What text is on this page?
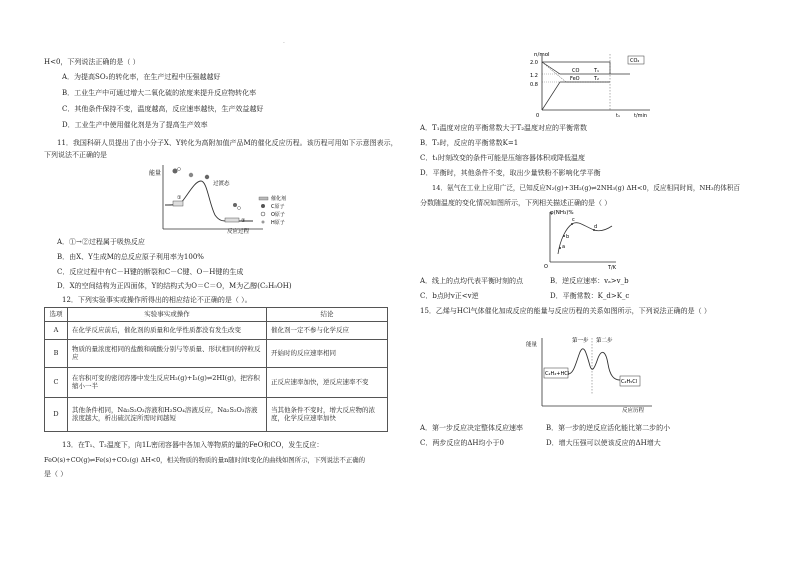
·
H<0，下列说法正确的是（ ）
A．为提高SO₂的转化率，在生产过程中压强越越好
B．工业生产中可通过增大二氧化硫的浓度来提升反应物转化率
C．其他条件保持不变，温度越高，反应速率越快，生产效益越好
D．工业生产中使用催化剂是为了提高生产效率
11．我国科研人员提出了由小分子X、Y转化为高附加值产品M的催化反应历程。该历程可用如下示意图表示，
下列说法不正确的是
能量
①
②
过渡态
反应过程
催化剂
C原子
O原子
H原子
A．①→②过程属于吸热反应
B．由X、Y生成M的总反应原子利用率为100%
C．反应过程中有C－H键的断裂和C－C键、O－H键的生成
D．X的空间结构为正四面体，Y的结构式为O＝C＝O，M为乙醇(C₂H₅OH)
12．下列实验事实或操作所得出的相应结论不正确的是（ ）。
选项	实验事实或操作	结论
A	在化学反应前后，催化剂的质量和化学性质都没有发生改变	催化剂一定不参与化学反应
B	物质的量浓度相同的盐酸和硫酸分别与等质量、形状相同的锌粒反应	开始时的反应速率相同
C	在容积可变的密闭容器中发生反应H₂(g)+I₂(g)⇌2HI(g)，把容积缩小一半	正反应速率加快，逆反应速率不变
D	其他条件相同，Na₂S₂O₃溶液和H₂SO₄溶液反应，Na₂S₂O₃溶液浓度越大，析出硫沉淀所需时间越短	当其他条件不变时，增大反应物的浓度，化学反应速率加快
13．在T₁、T₂温度下，向1L密闭容器中各加入等物质的量的FeO和CO，发生反应：
FeO(s)+CO(g)⇌Fe(s)+CO₂(g) ΔH<0，相关物质的物质的量n随时间t变化的曲线如图所示，下列说法不正确的
是（ ）
n/mol
2.0
1.2
0.8
0	t₁	t/min
CO₂
CO
FeO
T₁
T₂
A．T₁温度对应的平衡常数大于T₂温度对应的平衡常数
B．T₂时，反应的平衡常数K=1
C．t₁时刻改变的条件可能是压缩容器体积或降低温度
D．平衡时，其他条件不变，取出少量铁粉不影响化学平衡
14．氨气在工业上应用广泛，已知反应N₂(g)+3H₂(g)⇌2NH₃(g) ΔH<0，反应相同时间，NH₃的体积百
分数随温度的变化情况如图所示，下列相关描述正确的是（ ）
φ(NH₃)%
O	T/K
a
b
c
d
A．线上的点均代表平衡时刻的点	B．逆反应速率：vₐ>v_b
C．b点时v正<v逆	D．平衡常数：K_d>K_c
15．乙烯与HCl气体催化加成反应的能量与反应历程的关系如图所示，下列说法正确的是（ ）
能量
反应历程
第一步 第二步
C₂H₄+HCl
C₂H₅Cl
A．第一步反应决定整体反应速率	B．第一步的逆反应活化能比第二步的小
C．两步反应的ΔH均小于0	D．增大压强可以使该反应的ΔH增大
